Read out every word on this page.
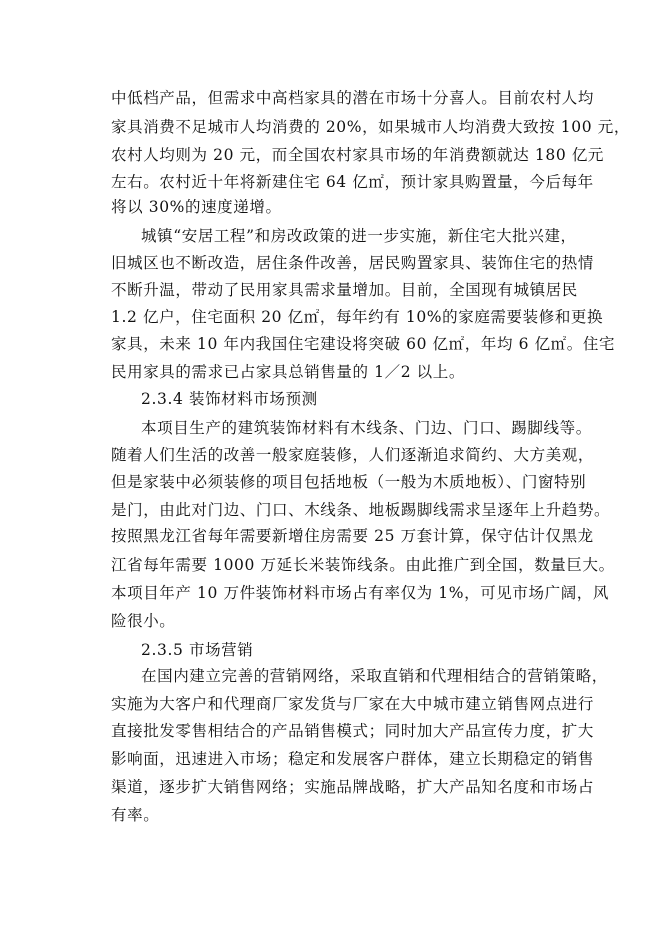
中低档产品，但需求中高档家具的潜在市场十分喜人。目前农村人均
家具消费不足城市人均消费的 20%，如果城市人均消费大致按 100 元，
农村人均则为 20 元，而全国农村家具市场的年消费额就达 180 亿元
左右。农村近十年将新建住宅 64 亿㎡，预计家具购置量，今后每年
将以 30%的速度递增。
城镇“安居工程”和房改政策的进一步实施，新住宅大批兴建，
旧城区也不断改造，居住条件改善，居民购置家具、装饰住宅的热情
不断升温，带动了民用家具需求量增加。目前，全国现有城镇居民
1.2 亿户，住宅面积 20 亿㎡，每年约有 10%的家庭需要装修和更换
家具，未来 10 年内我国住宅建设将突破 60 亿㎡，年均 6 亿㎡。住宅
民用家具的需求已占家具总销售量的 1／2 以上。
2.3.4 装饰材料市场预测
本项目生产的建筑装饰材料有木线条、门边、门口、踢脚线等。
随着人们生活的改善一般家庭装修，人们逐渐追求简约、大方美观，
但是家装中必须装修的项目包括地板（一般为木质地板）、门窗特别
是门，由此对门边、门口、木线条、地板踢脚线需求呈逐年上升趋势。
按照黑龙江省每年需要新增住房需要 25 万套计算，保守估计仅黑龙
江省每年需要 1000 万延长米装饰线条。由此推广到全国，数量巨大。
本项目年产 10 万件装饰材料市场占有率仅为 1%，可见市场广阔，风
险很小。
2.3.5 市场营销
在国内建立完善的营销网络，采取直销和代理相结合的营销策略，
实施为大客户和代理商厂家发货与厂家在大中城市建立销售网点进行
直接批发零售相结合的产品销售模式；同时加大产品宣传力度，扩大
影响面，迅速进入市场；稳定和发展客户群体，建立长期稳定的销售
渠道，逐步扩大销售网络；实施品牌战略，扩大产品知名度和市场占
有率。
